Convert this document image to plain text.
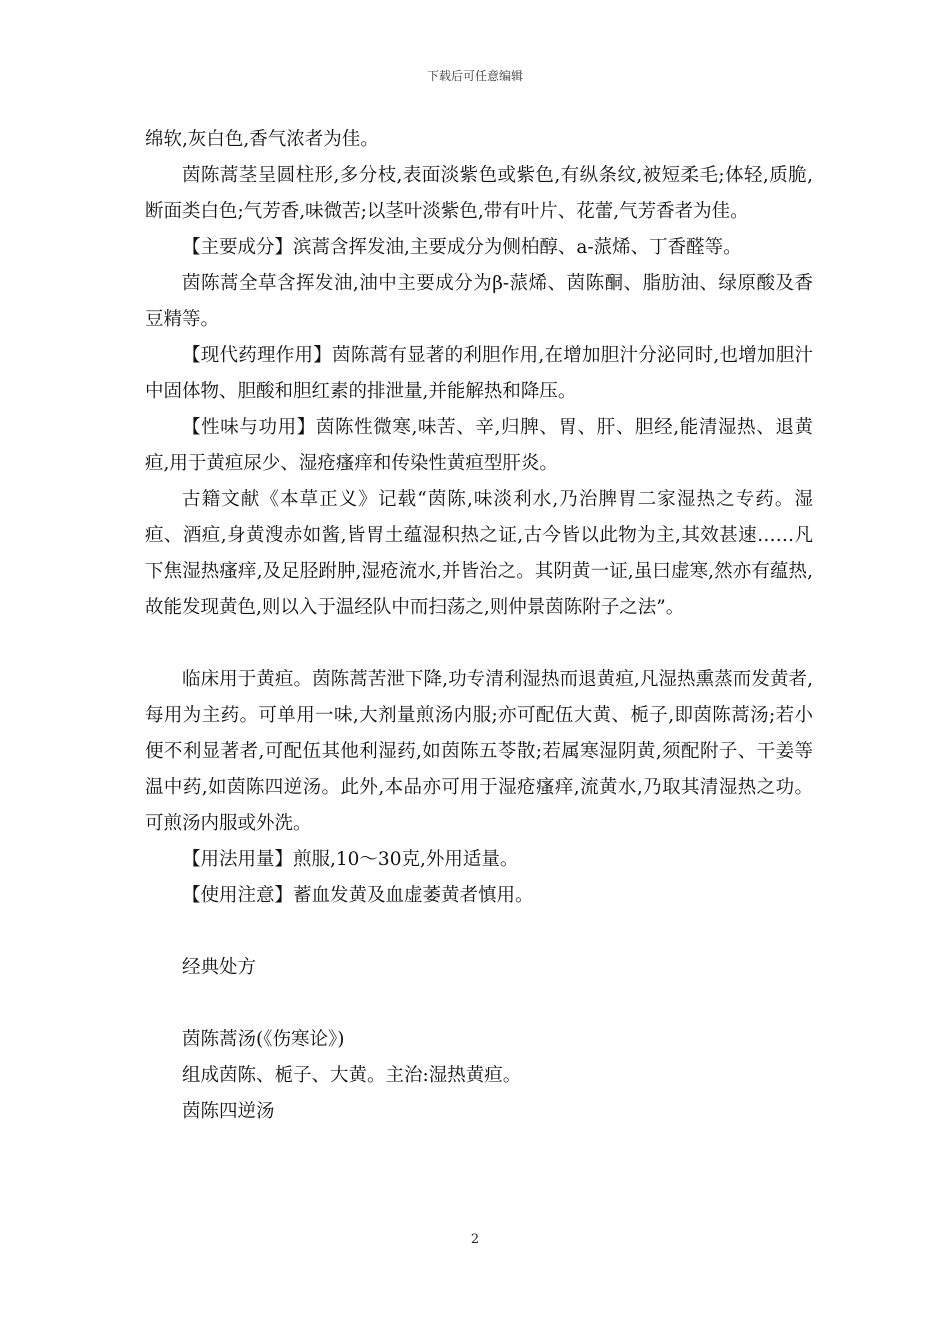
下载后可任意编辑

绵软,灰白色,香气浓者为佳。

茵陈蒿茎呈圆柱形,多分枝,表面淡紫色或紫色,有纵条纹,被短柔毛;体轻,质脆,断面类白色;气芳香,味微苦;以茎叶淡紫色,带有叶片、花蕾,气芳香者为佳。

【主要成分】滨蒿含挥发油,主要成分为侧柏醇、a-蒎烯、丁香醛等。

茵陈蒿全草含挥发油,油中主要成分为β-蒎烯、茵陈酮、脂肪油、绿原酸及香豆精等。

【现代药理作用】茵陈蒿有显著的利胆作用,在增加胆汁分泌同时,也增加胆汁中固体物、胆酸和胆红素的排泄量,并能解热和降压。

【性味与功用】茵陈性微寒,味苦、辛,归脾、胃、肝、胆经,能清湿热、退黄疸,用于黄疸尿少、湿疮瘙痒和传染性黄疸型肝炎。

古籍文献《本草正义》记载“茵陈,味淡利水,乃治脾胃二家湿热之专药。湿疸、酒疸,身黄溲赤如酱,皆胃土蕴湿积热之证,古今皆以此物为主,其效甚速……凡下焦湿热瘙痒,及足胫跗肿,湿疮流水,并皆治之。其阴黄一证,虽曰虚寒,然亦有蕴热,故能发现黄色,则以入于温经队中而扫荡之,则仲景茵陈附子之法”。

临床用于黄疸。茵陈蒿苦泄下降,功专清利湿热而退黄疸,凡湿热熏蒸而发黄者,每用为主药。可单用一味,大剂量煎汤内服;亦可配伍大黄、栀子,即茵陈蒿汤;若小便不利显著者,可配伍其他利湿药,如茵陈五苓散;若属寒湿阴黄,须配附子、干姜等温中药,如茵陈四逆汤。此外,本品亦可用于湿疮瘙痒,流黄水,乃取其清湿热之功。可煎汤内服或外洗。

【用法用量】煎服,10～30克,外用适量。

【使用注意】蓄血发黄及血虚萎黄者慎用。

经典处方

茵陈蒿汤(《伤寒论》)

组成茵陈、栀子、大黄。主治:湿热黄疸。

茵陈四逆汤

2
